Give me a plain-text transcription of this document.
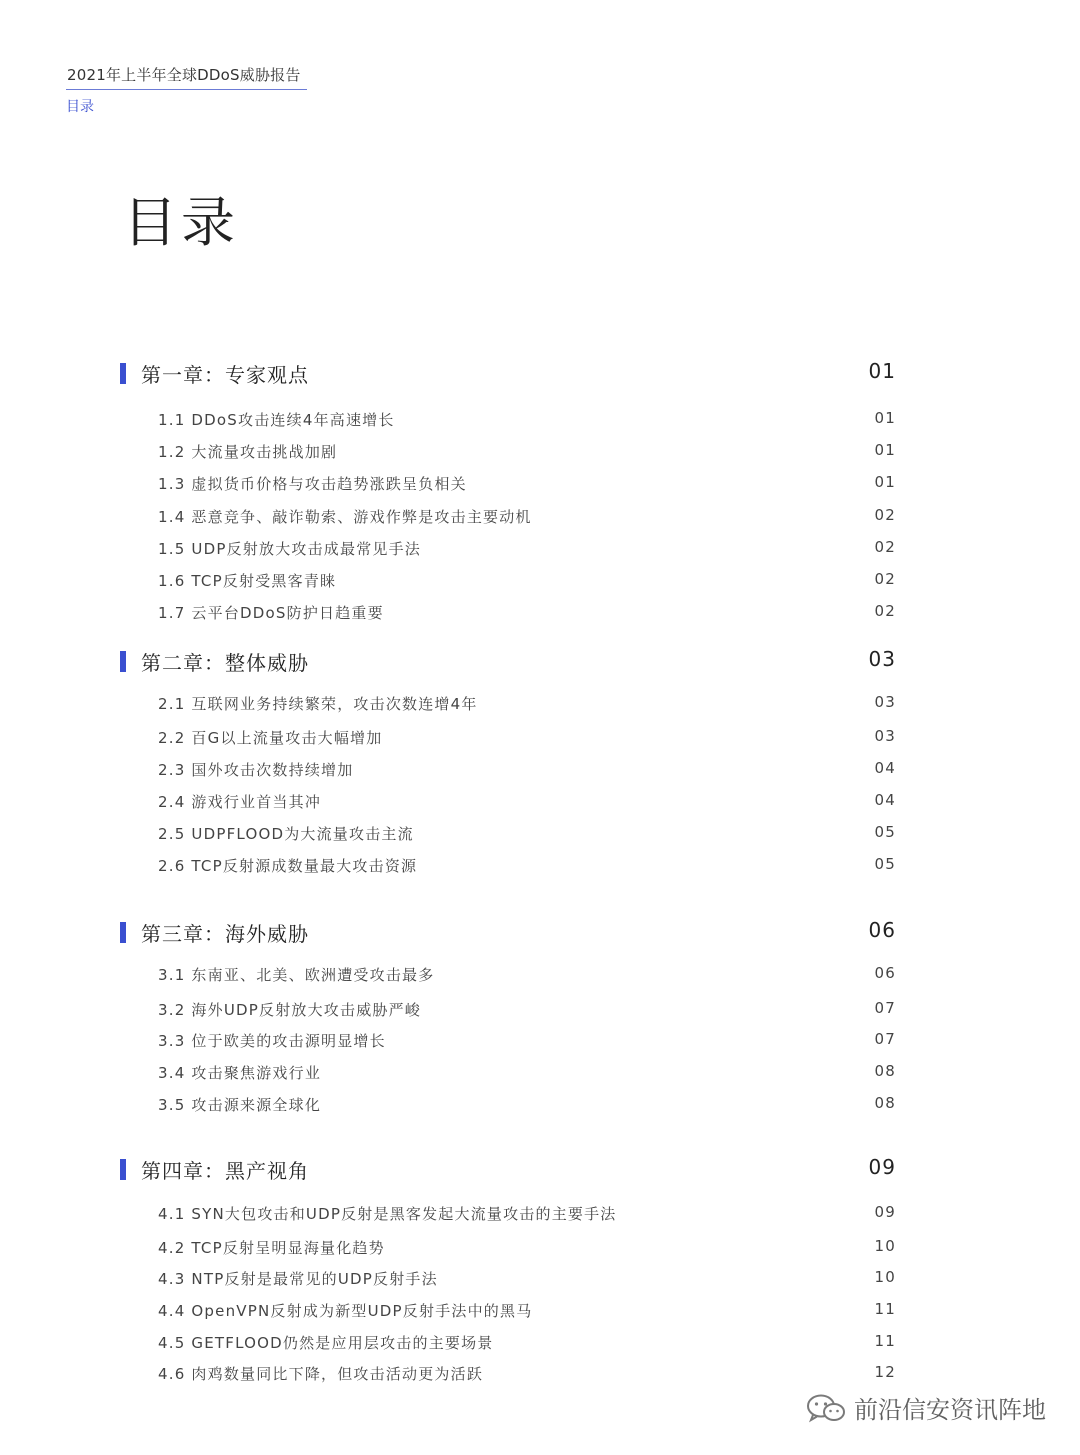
2021年上半年全球DDoS威胁报告
目录
目录
第一章：专家观点	01
1.1 DDoS攻击连续4年高速增长	01
1.2 大流量攻击挑战加剧	01
1.3 虚拟货币价格与攻击趋势涨跌呈负相关	01
1.4 恶意竞争、敲诈勒索、游戏作弊是攻击主要动机	02
1.5 UDP反射放大攻击成最常见手法	02
1.6 TCP反射受黑客青睐	02
1.7 云平台DDoS防护日趋重要	02
第二章：整体威胁	03
2.1 互联网业务持续繁荣，攻击次数连增4年	03
2.2 百G以上流量攻击大幅增加	03
2.3 国外攻击次数持续增加	04
2.4 游戏行业首当其冲	04
2.5 UDPFLOOD为大流量攻击主流	05
2.6 TCP反射源成数量最大攻击资源	05
第三章：海外威胁	06
3.1 东南亚、北美、欧洲遭受攻击最多	06
3.2 海外UDP反射放大攻击威胁严峻	07
3.3 位于欧美的攻击源明显增长	07
3.4 攻击聚焦游戏行业	08
3.5 攻击源来源全球化	08
第四章：黑产视角	09
4.1 SYN大包攻击和UDP反射是黑客发起大流量攻击的主要手法	09
4.2 TCP反射呈明显海量化趋势	10
4.3 NTP反射是最常见的UDP反射手法	10
4.4 OpenVPN反射成为新型UDP反射手法中的黑马	11
4.5 GETFLOOD仍然是应用层攻击的主要场景	11
4.6 肉鸡数量同比下降，但攻击活动更为活跃	12
前沿信安资讯阵地
